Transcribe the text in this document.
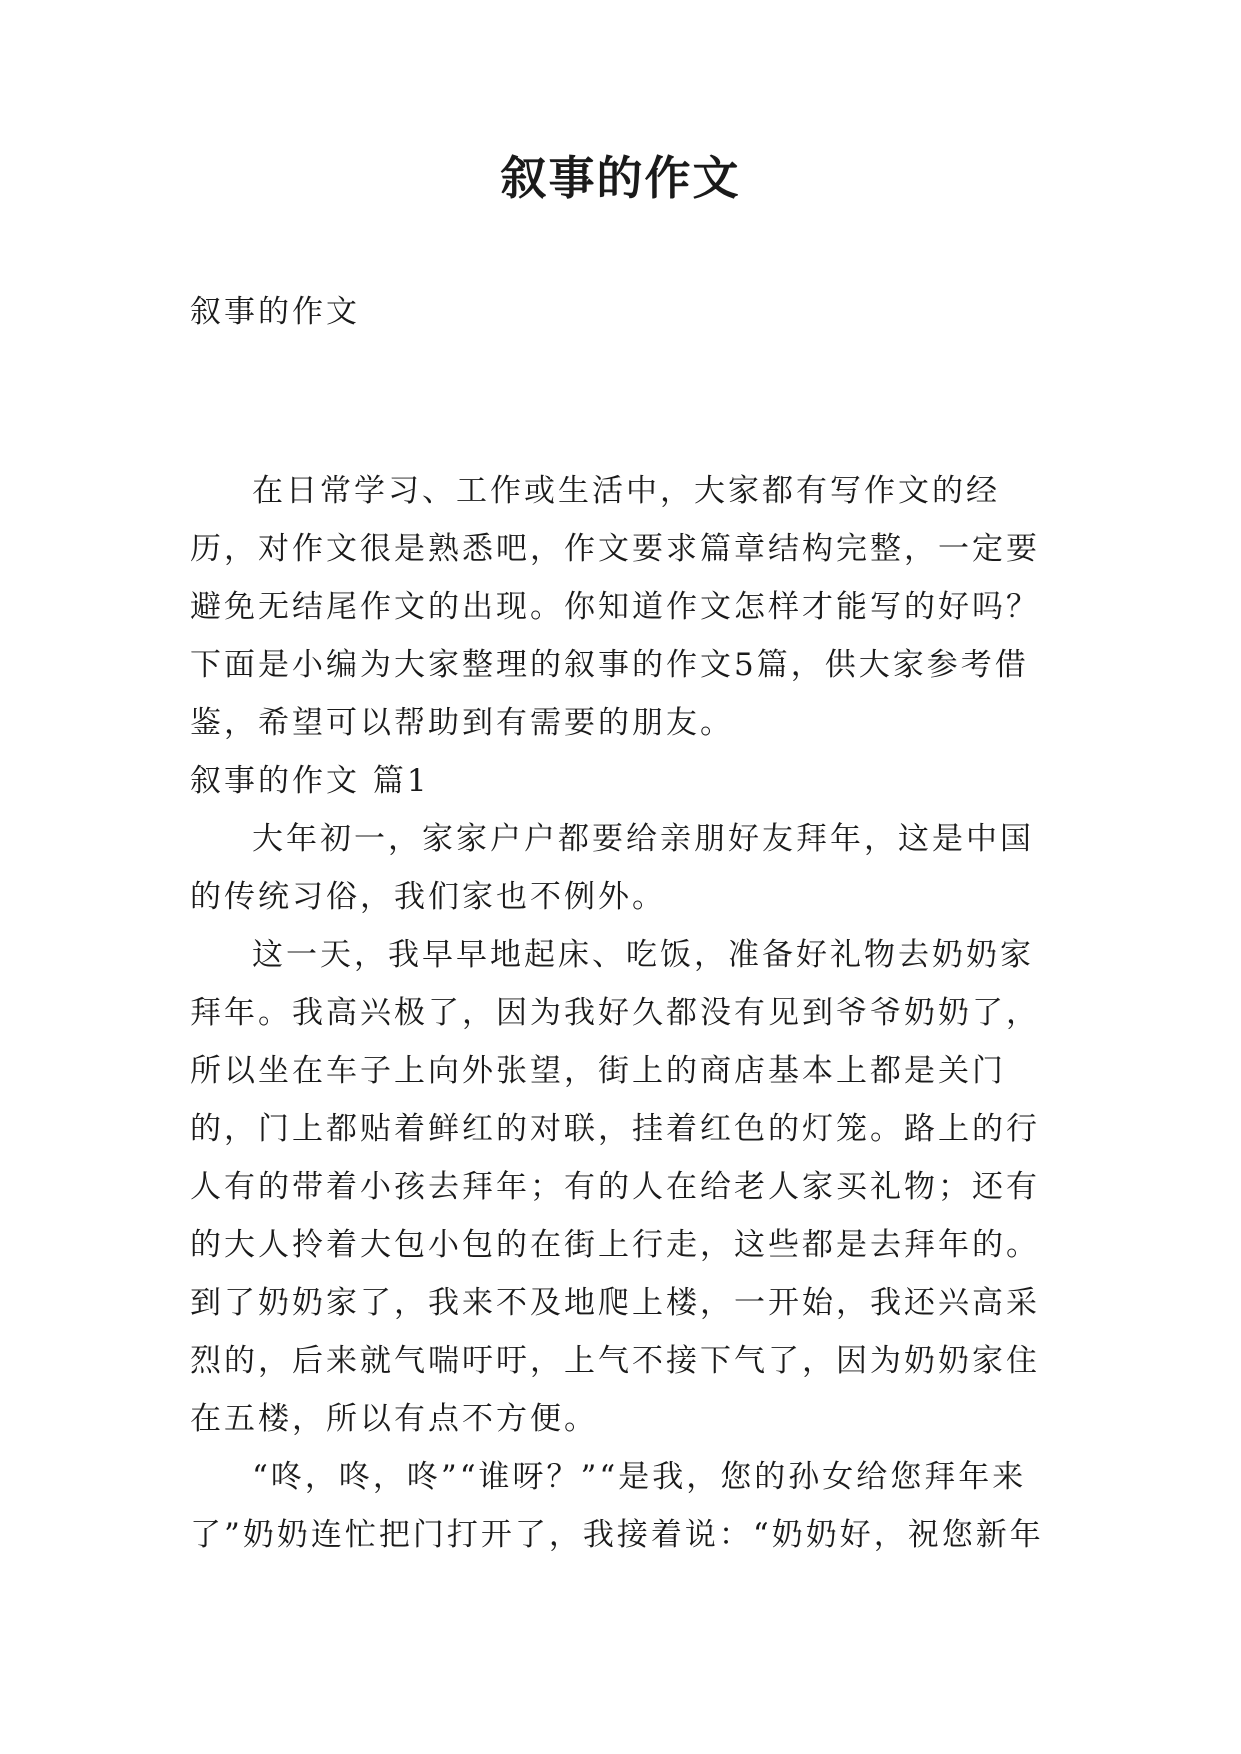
叙事的作文
叙事的作文

在日常学习、工作或生活中，大家都有写作文的经历，对作文很是熟悉吧，作文要求篇章结构完整，一定要避免无结尾作文的出现。你知道作文怎样才能写的好吗？下面是小编为大家整理的叙事的作文5篇，供大家参考借鉴，希望可以帮助到有需要的朋友。

叙事的作文 篇1

大年初一，家家户户都要给亲朋好友拜年，这是中国的传统习俗，我们家也不例外。

这一天，我早早地起床、吃饭，准备好礼物去奶奶家拜年。我高兴极了，因为我好久都没有见到爷爷奶奶了，所以坐在车子上向外张望，街上的商店基本上都是关门的，门上都贴着鲜红的对联，挂着红色的灯笼。路上的行人有的带着小孩去拜年；有的人在给老人家买礼物；还有的大人拎着大包小包的在街上行走，这些都是去拜年的。到了奶奶家了，我来不及地爬上楼，一开始，我还兴高采烈的，后来就气喘吁吁，上气不接下气了，因为奶奶家住在五楼，所以有点不方便。

“咚，咚，咚”“谁呀？”“是我，您的孙女给您拜年来了”奶奶连忙把门打开了，我接着说：“奶奶好，祝您新年
